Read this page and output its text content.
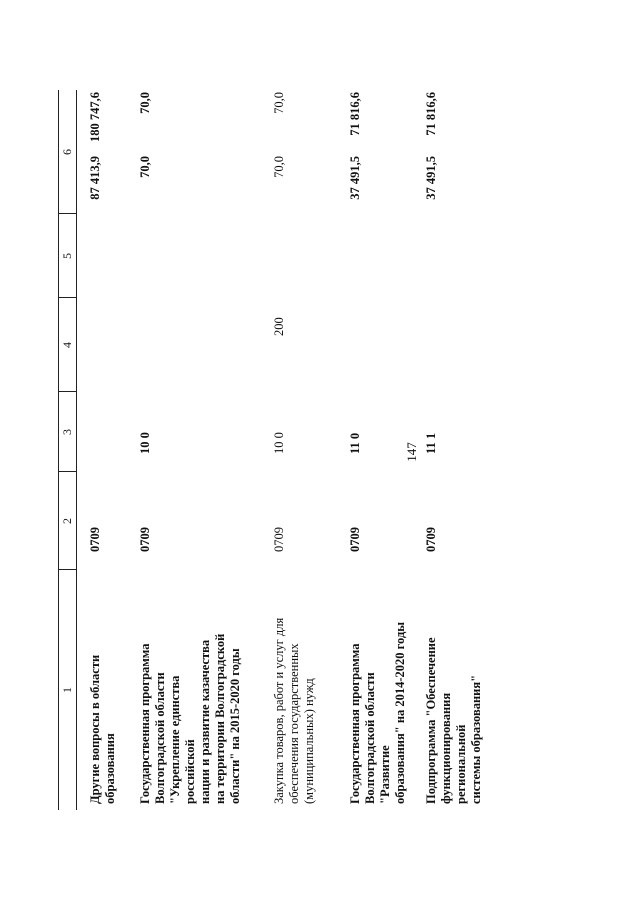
147
1
2
3
4
5
6
Другие вопросы в области
образования
0709
87 413,9
180 747,6
Государственная программа
Волгоградской области
"Укрепление единства российской
нации и развитие казачества
на территории Волгоградской
области" на 2015-2020 годы
0709
10 0
70,0
70,0
Закупка товаров, работ и услуг для
обеспечения государственных
(муниципальных) нужд
0709
10 0
200
70,0
70,0
Государственная программа
Волгоградской области "Развитие
образования" на 2014-2020 годы
0709
11 0
37 491,5
71 816,6
Подпрограмма "Обеспечение
функционирования региональной
системы образования"
0709
11 1
37 491,5
71 816,6
